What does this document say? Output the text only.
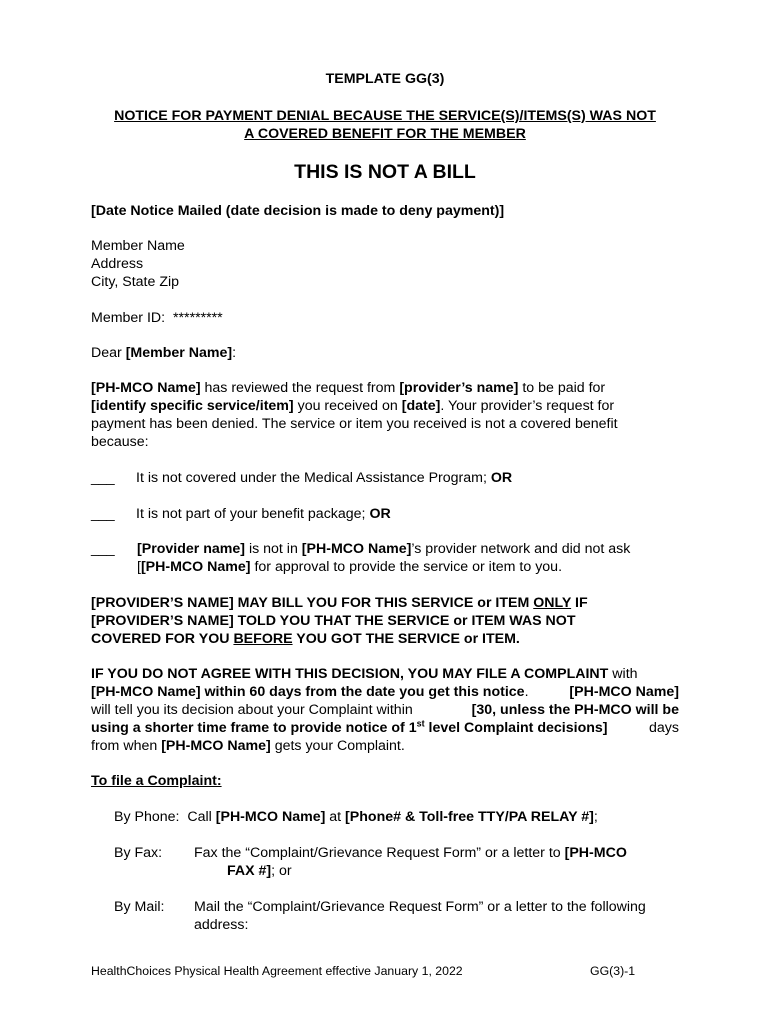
TEMPLATE GG(3)
NOTICE FOR PAYMENT DENIAL BECAUSE THE SERVICE(S)/ITEMS(S) WAS NOT
A COVERED BENEFIT FOR THE MEMBER
THIS IS NOT A BILL
[Date Notice Mailed (date decision is made to deny payment)]
Member Name
Address
City, State Zip
Member ID: *********
Dear [Member Name]:
[PH-MCO Name] has reviewed the request from [provider’s name] to be paid for
[identify specific service/item] you received on [date]. Your provider’s request for
payment has been denied. The service or item you received is not a covered benefit
because:
___ It is not covered under the Medical Assistance Program; OR
___ It is not part of your benefit package; OR
___ [Provider name] is not in [PH-MCO Name]’s provider network and did not ask
[[PH-MCO Name] for approval to provide the service or item to you.
[PROVIDER’S NAME] MAY BILL YOU FOR THIS SERVICE or ITEM ONLY IF
[PROVIDER’S NAME] TOLD YOU THAT THE SERVICE or ITEM WAS NOT
COVERED FOR YOU BEFORE YOU GOT THE SERVICE or ITEM.
IF YOU DO NOT AGREE WITH THIS DECISION, YOU MAY FILE A COMPLAINT with
[PH-MCO Name] within 60 days from the date you get this notice.	[PH-MCO Name]
will tell you its decision about your Complaint within	[30, unless the PH-MCO will be
using a shorter time frame to provide notice of 1st level Complaint decisions]	days
from when [PH-MCO Name] gets your Complaint.
To file a Complaint:
By Phone: Call [PH-MCO Name] at [Phone# & Toll-free TTY/PA RELAY #];
By Fax: Fax the “Complaint/Grievance Request Form” or a letter to [PH-MCO
FAX #]; or
By Mail: Mail the “Complaint/Grievance Request Form” or a letter to the following
address:
HealthChoices Physical Health Agreement effective January 1, 2022	GG(3)-1
